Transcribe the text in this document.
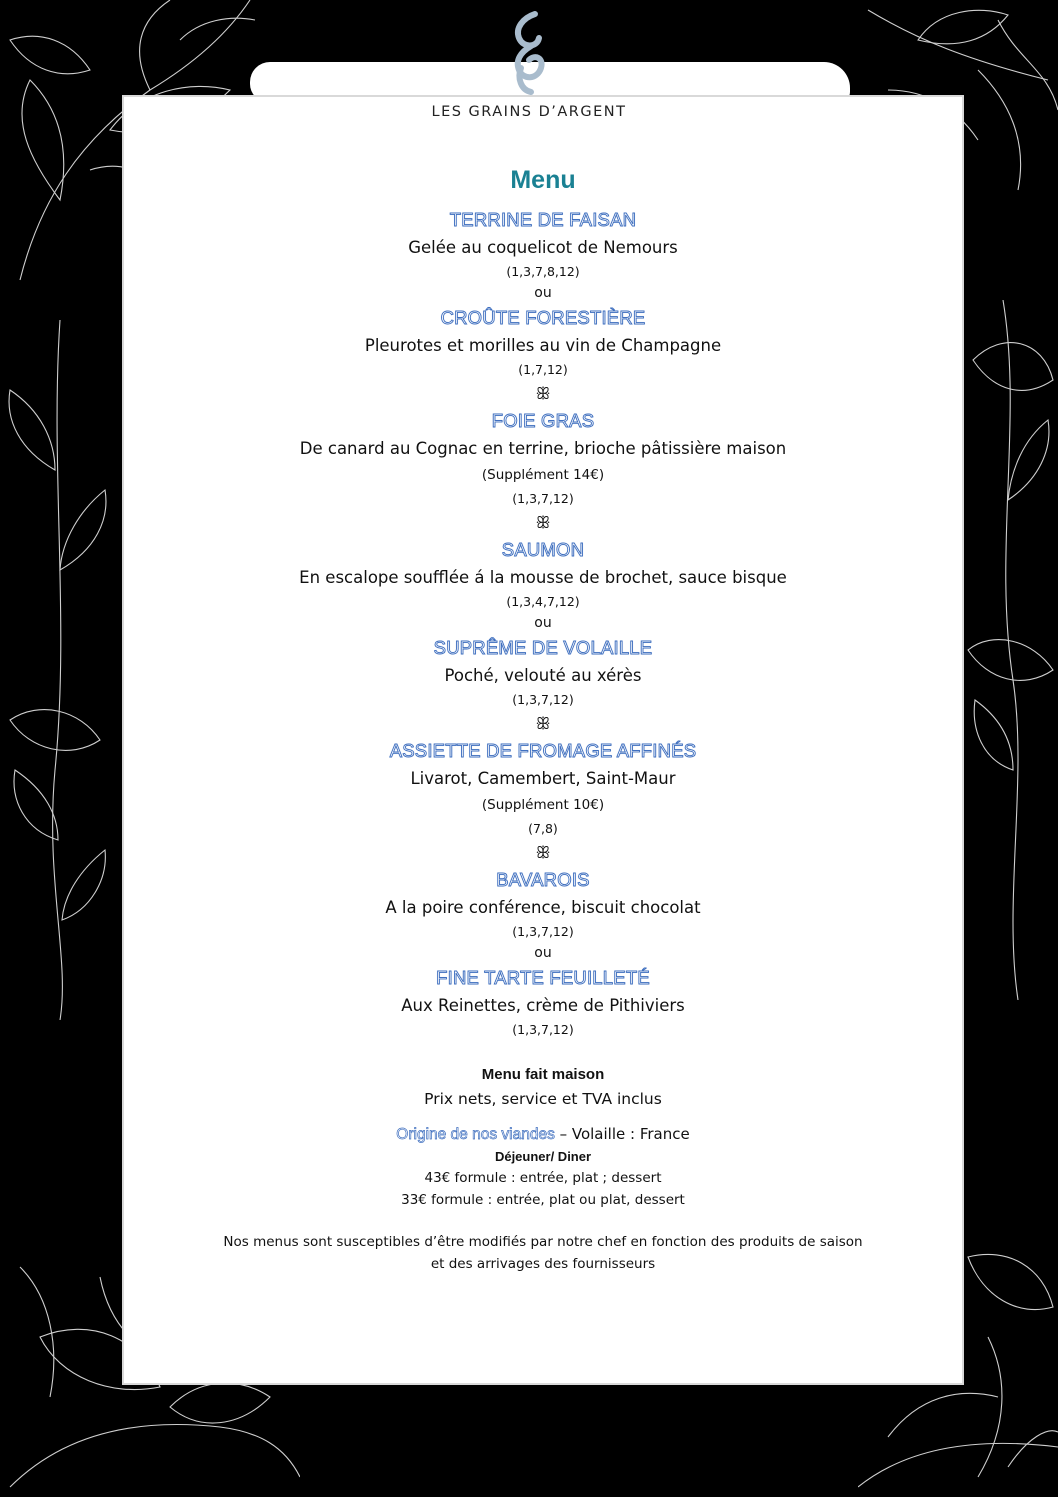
LES GRAINS D’ARGENT
Menu
TERRINE DE FAISAN
Gelée au coquelicot de Nemours
(1,3,7,8,12)
ou
CROÛTE FORESTIÈRE
Pleurotes et morilles au vin de Champagne
(1,7,12)
ꕥ
FOIE GRAS
De canard au Cognac en terrine, brioche pâtissière maison
(Supplément 14€)
(1,3,7,12)
ꕥ
SAUMON
En escalope soufflée á la mousse de brochet, sauce bisque
(1,3,4,7,12)
ou
SUPRÊME DE VOLAILLE
Poché, velouté au xérès
(1,3,7,12)
ꕥ
ASSIETTE DE FROMAGE AFFINÉS
Livarot, Camembert, Saint-Maur
(Supplément 10€)
(7,8)
ꕥ
BAVAROIS
A la poire conférence, biscuit chocolat
(1,3,7,12)
ou
FINE TARTE FEUILLETÉ
Aux Reinettes, crème de Pithiviers
(1,3,7,12)
Menu fait maison
Prix nets, service et TVA inclus
Origine de nos viandes – Volaille : France
Déjeuner/ Diner
43€ formule : entrée, plat ; dessert
33€ formule : entrée, plat ou plat, dessert
Nos menus sont susceptibles d’être modifiés par notre chef en fonction des produits de saison
et des arrivages des fournisseurs
